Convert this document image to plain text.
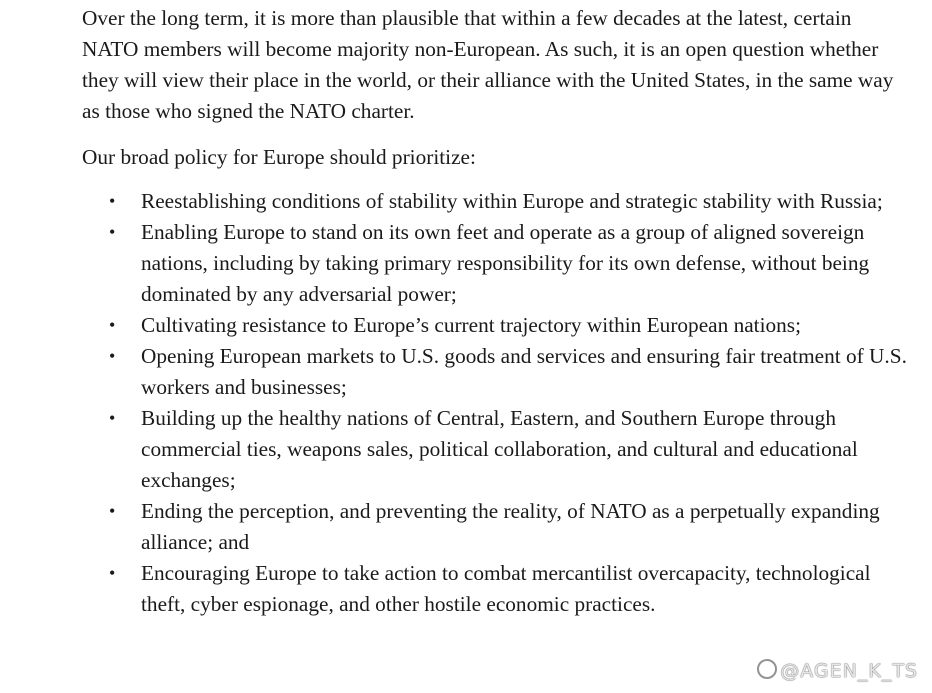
Over the long term, it is more than plausible that within a few decades at the latest, certain NATO members will become majority non-European. As such, it is an open question whether they will view their place in the world, or their alliance with the United States, in the same way as those who signed the NATO charter.

Our broad policy for Europe should prioritize:

• Reestablishing conditions of stability within Europe and strategic stability with Russia;
• Enabling Europe to stand on its own feet and operate as a group of aligned sovereign nations, including by taking primary responsibility for its own defense, without being dominated by any adversarial power;
• Cultivating resistance to Europe’s current trajectory within European nations;
• Opening European markets to U.S. goods and services and ensuring fair treatment of U.S. workers and businesses;
• Building up the healthy nations of Central, Eastern, and Southern Europe through commercial ties, weapons sales, political collaboration, and cultural and educational exchanges;
• Ending the perception, and preventing the reality, of NATO as a perpetually expanding alliance; and
• Encouraging Europe to take action to combat mercantilist overcapacity, technological theft, cyber espionage, and other hostile economic practices.
@AGEN_K_TS
